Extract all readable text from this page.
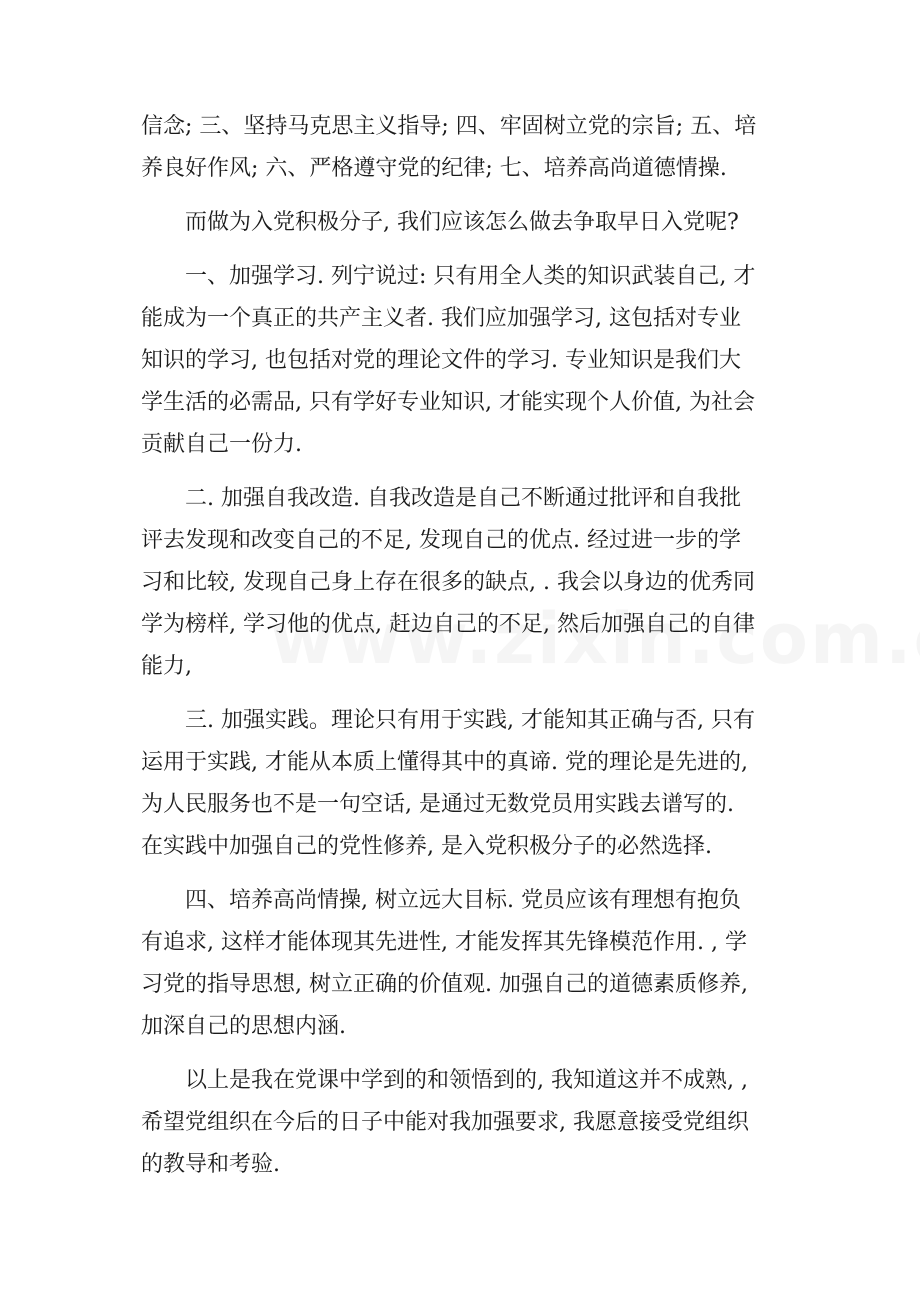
信念; 三、坚持马克思主义指导; 四、牢固树立党的宗旨; 五、培
养良好作风; 六、严格遵守党的纪律; 七、培养高尚道德情操.
而做为入党积极分子, 我们应该怎么做去争取早日入党呢?
一、加强学习. 列宁说过: 只有用全人类的知识武装自己, 才
能成为一个真正的共产主义者. 我们应加强学习, 这包括对专业
知识的学习, 也包括对党的理论文件的学习. 专业知识是我们大
学生活的必需品, 只有学好专业知识, 才能实现个人价值, 为社会
贡献自己一份力.
二. 加强自我改造. 自我改造是自己不断通过批评和自我批
评去发现和改变自己的不足, 发现自己的优点. 经过进一步的学
习和比较, 发现自己身上存在很多的缺点, . 我会以身边的优秀同
学为榜样, 学习他的优点, 赶边自己的不足, 然后加强自己的自律
能力,
三. 加强实践。理论只有用于实践, 才能知其正确与否, 只有
运用于实践, 才能从本质上懂得其中的真谛. 党的理论是先进的,
为人民服务也不是一句空话, 是通过无数党员用实践去谱写的.
在实践中加强自己的党性修养, 是入党积极分子的必然选择.
四、培养高尚情操, 树立远大目标. 党员应该有理想有抱负
有追求, 这样才能体现其先进性, 才能发挥其先锋模范作用. , 学
习党的指导思想, 树立正确的价值观. 加强自己的道德素质修养,
加深自己的思想内涵.
以上是我在党课中学到的和领悟到的, 我知道这并不成熟, ,
希望党组织在今后的日子中能对我加强要求, 我愿意接受党组织
的教导和考验.
